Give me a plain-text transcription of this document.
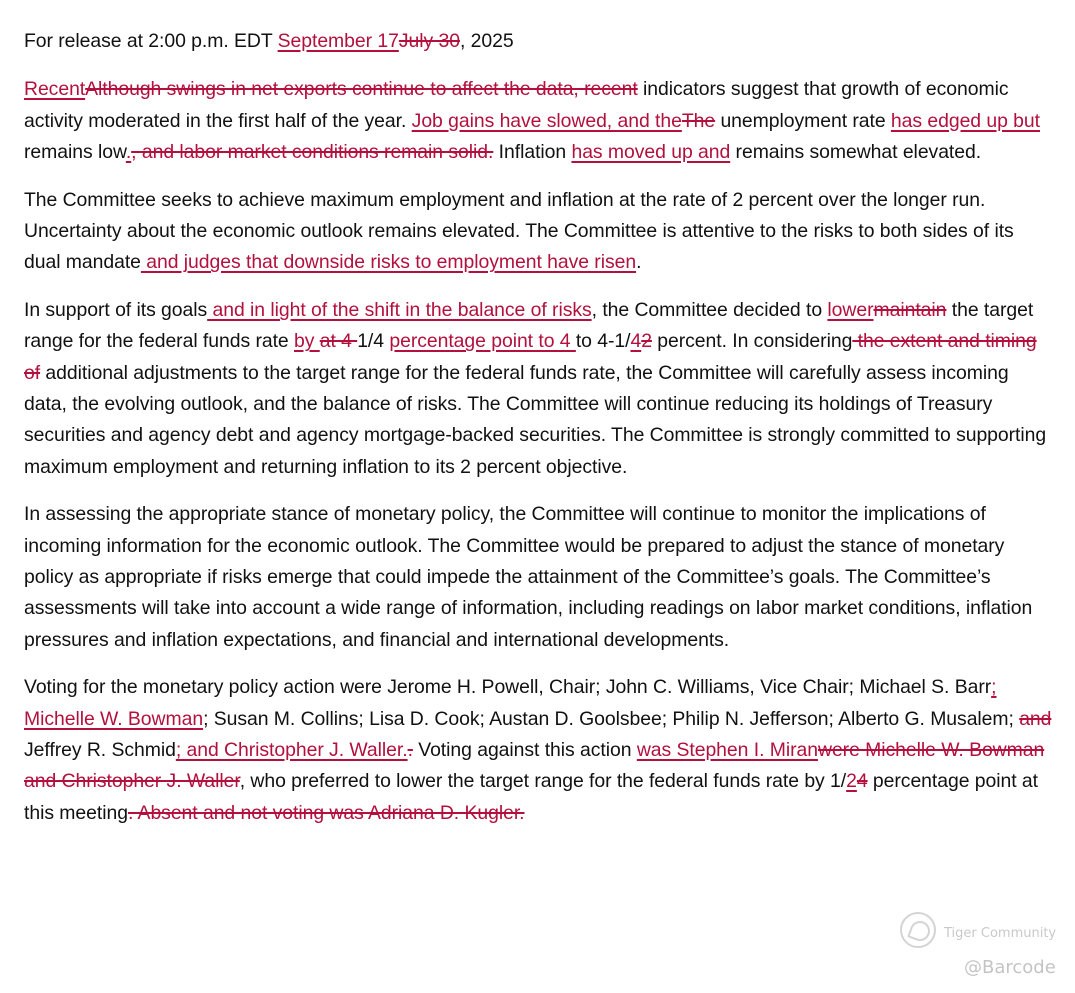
For release at 2:00 p.m. EDT September 17July 30, 2025

RecentAlthough swings in net exports continue to affect the data, recent indicators suggest that growth of economic activity moderated in the first half of the year. Job gains have slowed, and theThe unemployment rate has edged up but remains low., and labor market conditions remain solid. Inflation has moved up and remains somewhat elevated.

The Committee seeks to achieve maximum employment and inflation at the rate of 2 percent over the longer run. Uncertainty about the economic outlook remains elevated. The Committee is attentive to the risks to both sides of its dual mandate and judges that downside risks to employment have risen.

In support of its goals and in light of the shift in the balance of risks, the Committee decided to lowermaintain the target range for the federal funds rate by at 4 1/4 percentage point to 4 to 4-1/42 percent. In considering the extent and timing of additional adjustments to the target range for the federal funds rate, the Committee will carefully assess incoming data, the evolving outlook, and the balance of risks. The Committee will continue reducing its holdings of Treasury securities and agency debt and agency mortgage-backed securities. The Committee is strongly committed to supporting maximum employment and returning inflation to its 2 percent objective.

In assessing the appropriate stance of monetary policy, the Committee will continue to monitor the implications of incoming information for the economic outlook. The Committee would be prepared to adjust the stance of monetary policy as appropriate if risks emerge that could impede the attainment of the Committee’s goals. The Committee’s assessments will take into account a wide range of information, including readings on labor market conditions, inflation pressures and inflation expectations, and financial and international developments.

Voting for the monetary policy action were Jerome H. Powell, Chair; John C. Williams, Vice Chair; Michael S. Barr; Michelle W. Bowman; Susan M. Collins; Lisa D. Cook; Austan D. Goolsbee; Philip N. Jefferson; Alberto G. Musalem; and Jeffrey R. Schmid; and Christopher J. Waller.. Voting against this action was Stephen I. Miranwere Michelle W. Bowman and Christopher J. Waller, who preferred to lower the target range for the federal funds rate by 1/24 percentage point at this meeting. Absent and not voting was Adriana D. Kugler.

Tiger Community
@Barcode
